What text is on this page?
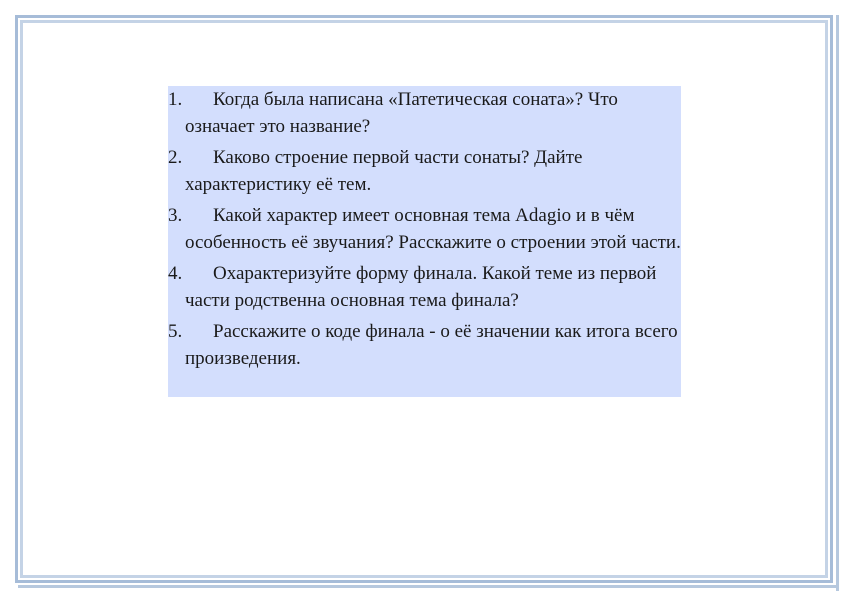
1.	Когда была написана «Патетическая соната»? Что означает это название?
2.	Каково строение первой части сонаты? Дайте характеристику её тем.
3.	Какой характер имеет основная тема Adagio и в чём особенность её звучания? Расскажите о строении этой части.
4.	Охарактеризуйте форму финала. Какой теме из первой части родственна основная тема финала?
5.	Расскажите о коде финала - о её значении как итога всего произведения.
